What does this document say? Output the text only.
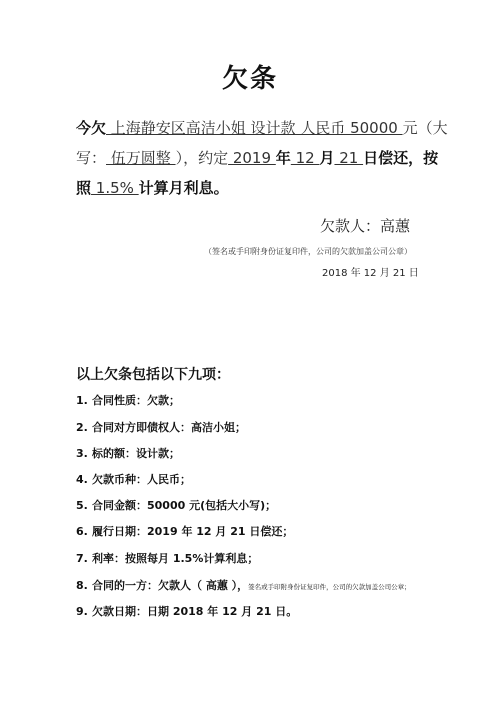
欠条
今欠 上海静安区高洁小姐 设计款 人民币 50000 元（大
写： 伍万圆整 ），约定 2019 年 12 月 21 日偿还，按
照 1.5% 计算月利息。
欠款人：高蕙
（签名或手印附身份证复印件，公司的欠款加盖公司公章）
2018 年 12 月 21 日
以上欠条包括以下九项：
1. 合同性质：欠款；
2. 合同对方即债权人：高洁小姐；
3. 标的额：设计款；
4. 欠款币种：人民币；
5. 合同金额：50000 元(包括大小写)；
6. 履行日期：2019 年 12 月 21 日偿还；
7. 利率：按照每月 1.5%计算利息；
8. 合同的一方：欠款人（ 高蕙 ），签名或手印附身份证复印件，公司的欠款加盖公司公章；
9. 欠款日期：日期 2018 年 12 月 21 日。
